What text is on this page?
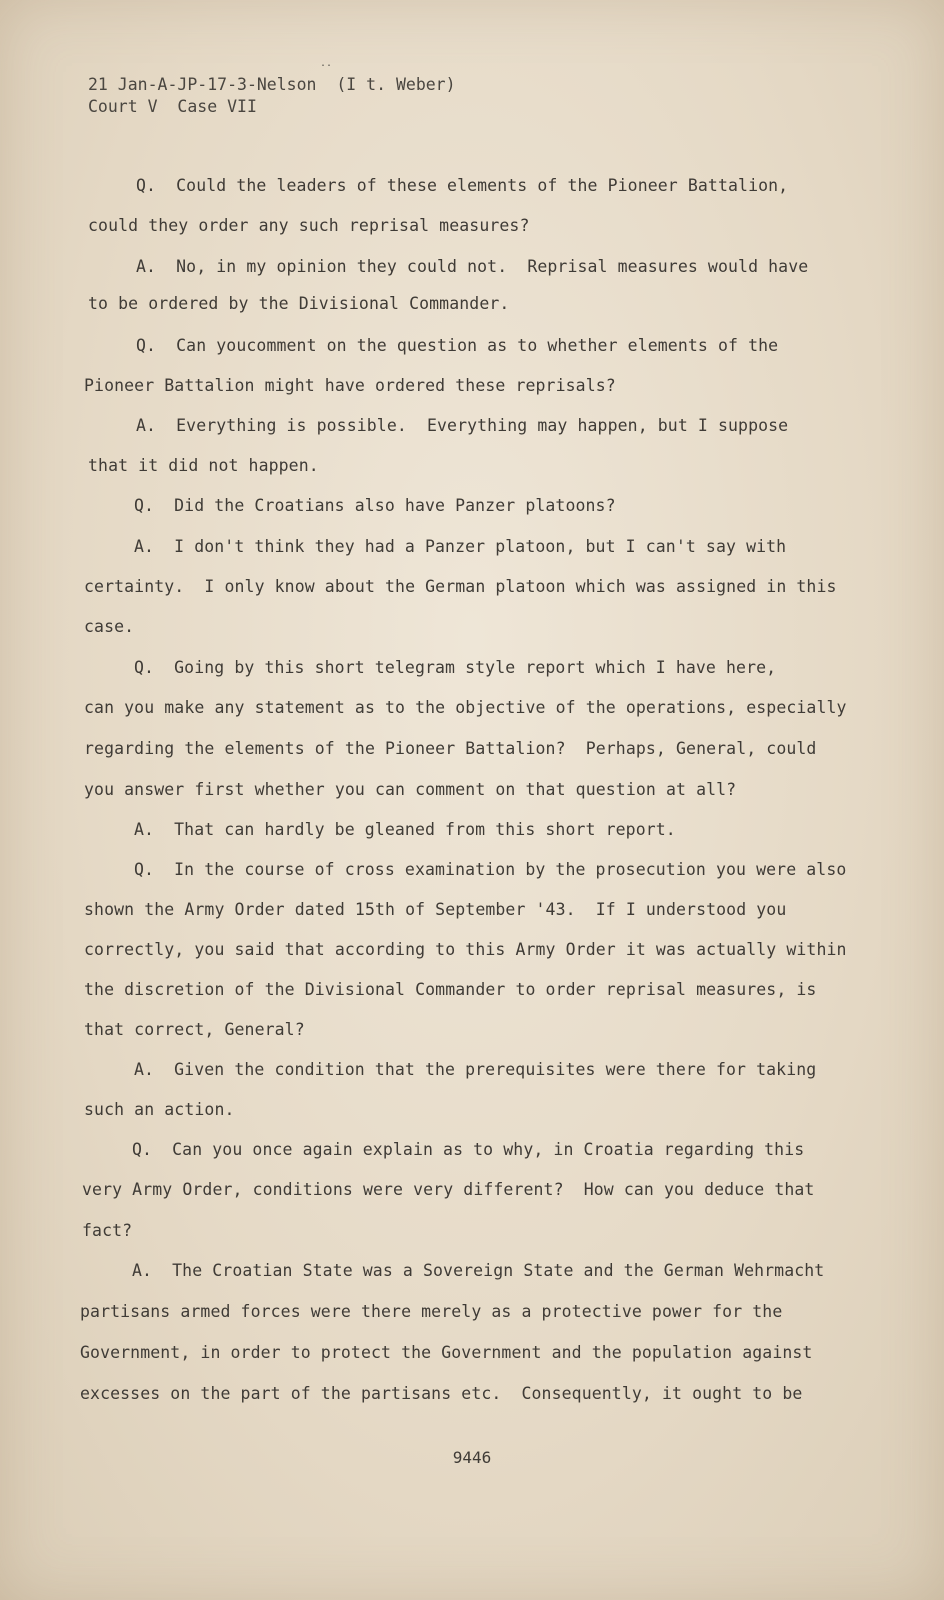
..
21 Jan-A-JP-17-3-Nelson  (I t. Weber)
Court V  Case VII
Q.  Could the leaders of these elements of the Pioneer Battalion,
could they order any such reprisal measures?
A.  No, in my opinion they could not.  Reprisal measures would have
to be ordered by the Divisional Commander.
Q.  Can youcomment on the question as to whether elements of the
Pioneer Battalion might have ordered these reprisals?
A.  Everything is possible.  Everything may happen, but I suppose
that it did not happen.
Q.  Did the Croatians also have Panzer platoons?
A.  I don't think they had a Panzer platoon, but I can't say with
certainty.  I only know about the German platoon which was assigned in this
case.
Q.  Going by this short telegram style report which I have here,
can you make any statement as to the objective of the operations, especially
regarding the elements of the Pioneer Battalion?  Perhaps, General, could
you answer first whether you can comment on that question at all?
A.  That can hardly be gleaned from this short report.
Q.  In the course of cross examination by the prosecution you were also
shown the Army Order dated 15th of September '43.  If I understood you
correctly, you said that according to this Army Order it was actually within
the discretion of the Divisional Commander to order reprisal measures, is
that correct, General?
A.  Given the condition that the prerequisites were there for taking
such an action.
Q.  Can you once again explain as to why, in Croatia regarding this
very Army Order, conditions were very different?  How can you deduce that
fact?
A.  The Croatian State was a Sovereign State and the German Wehrmacht
partisans armed forces were there merely as a protective power for the
Government, in order to protect the Government and the population against
excesses on the part of the partisans etc.  Consequently, it ought to be
9446
